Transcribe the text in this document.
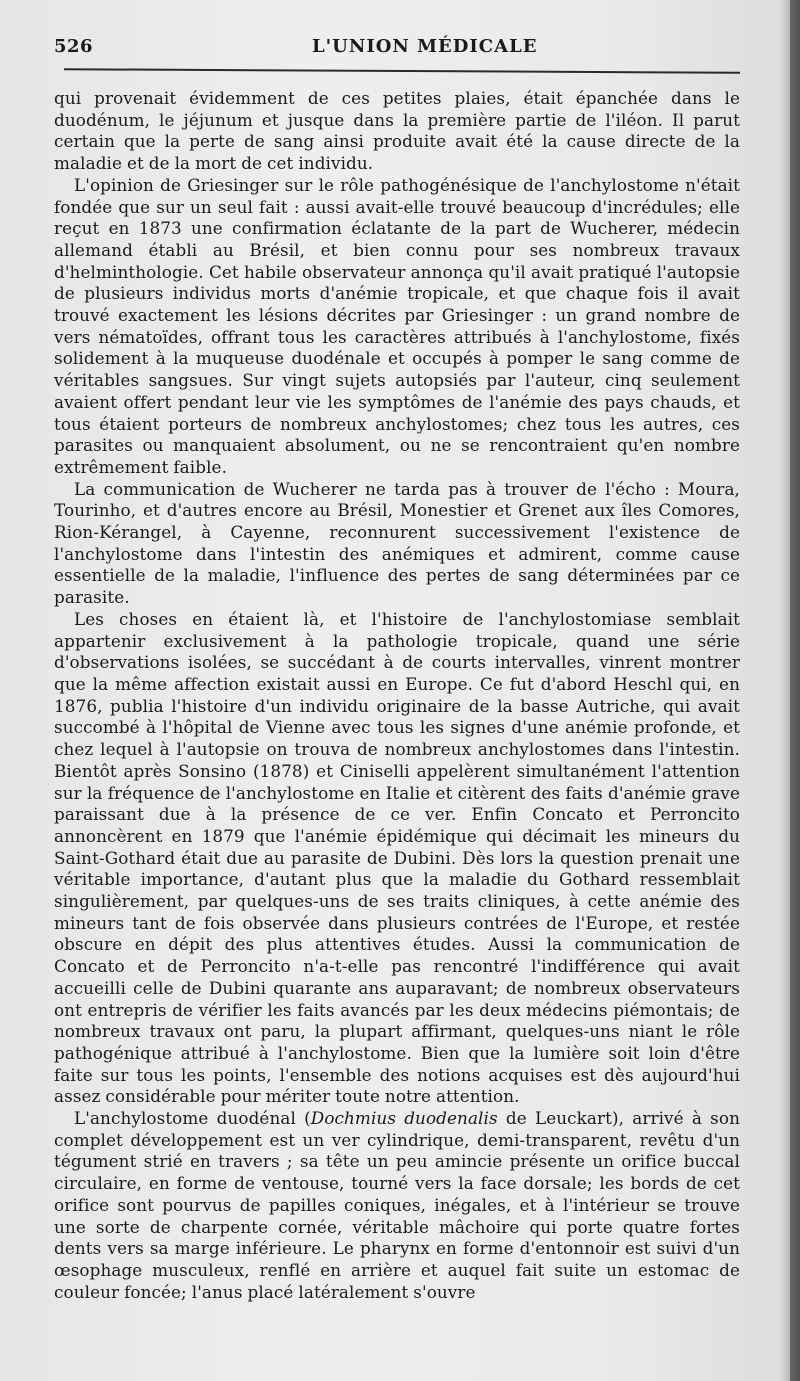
526	L'UNION MÉDICALE

qui provenait évidemment de ces petites plaies, était épanchée dans le duodénum, le jéjunum et jusque dans la première partie de l'iléon. Il parut certain que la perte de sang ainsi produite avait été la cause directe de la maladie et de la mort de cet individu.

L'opinion de Griesinger sur le rôle pathogénésique de l'anchylostome n'était fondée que sur un seul fait : aussi avait-elle trouvé beaucoup d'incrédules; elle reçut en 1873 une confirmation éclatante de la part de Wucherer, médecin allemand établi au Brésil, et bien connu pour ses nombreux travaux d'helminthologie. Cet habile observateur annonça qu'il avait pratiqué l'autopsie de plusieurs individus morts d'anémie tropicale, et que chaque fois il avait trouvé exactement les lésions décrites par Griesinger : un grand nombre de vers nématoïdes, offrant tous les caractères attribués à l'anchylostome, fixés solidement à la muqueuse duodénale et occupés à pomper le sang comme de véritables sangsues. Sur vingt sujets autopsiés par l'auteur, cinq seulement avaient offert pendant leur vie les symptômes de l'anémie des pays chauds, et tous étaient porteurs de nombreux anchylostomes; chez tous les autres, ces parasites ou manquaient absolument, ou ne se rencontraient qu'en nombre extrêmement faible.

La communication de Wucherer ne tarda pas à trouver de l'écho : Moura, Tourinho, et d'autres encore au Brésil, Monestier et Grenet aux îles Comores, Rion-Kérangel, à Cayenne, reconnurent successivement l'existence de l'anchylostome dans l'intestin des anémiques et admirent, comme cause essentielle de la maladie, l'influence des pertes de sang déterminées par ce parasite.

Les choses en étaient là, et l'histoire de l'anchylostomiase semblait appartenir exclusivement à la pathologie tropicale, quand une série d'observations isolées, se succédant à de courts intervalles, vinrent montrer que la même affection existait aussi en Europe. Ce fut d'abord Heschl qui, en 1876, publia l'histoire d'un individu originaire de la basse Autriche, qui avait succombé à l'hôpital de Vienne avec tous les signes d'une anémie profonde, et chez lequel à l'autopsie on trouva de nombreux anchylostomes dans l'intestin. Bientôt après Sonsino (1878) et Ciniselli appelèrent simultanément l'attention sur la fréquence de l'anchylostome en Italie et citèrent des faits d'anémie grave paraissant due à la présence de ce ver. Enfin Concato et Perroncito annoncèrent en 1879 que l'anémie épidémique qui décimait les mineurs du Saint-Gothard était due au parasite de Dubini. Dès lors la question prenait une véritable importance, d'autant plus que la maladie du Gothard ressemblait singulièrement, par quelques-uns de ses traits cliniques, à cette anémie des mineurs tant de fois observée dans plusieurs contrées de l'Europe, et restée obscure en dépit des plus attentives études. Aussi la communication de Concato et de Perroncito n'a-t-elle pas rencontré l'indifférence qui avait accueilli celle de Dubini quarante ans auparavant; de nombreux observateurs ont entrepris de vérifier les faits avancés par les deux médecins piémontais; de nombreux travaux ont paru, la plupart affirmant, quelques-uns niant le rôle pathogénique attribué à l'anchylostome. Bien que la lumière soit loin d'être faite sur tous les points, l'ensemble des notions acquises est dès aujourd'hui assez considérable pour mériter toute notre attention.

L'anchylostome duodénal (Dochmius duodenalis de Leuckart), arrivé à son complet développement est un ver cylindrique, demi-transparent, revêtu d'un tégument strié en travers ; sa tête un peu amincie présente un orifice buccal circulaire, en forme de ventouse, tourné vers la face dorsale; les bords de cet orifice sont pourvus de papilles coniques, inégales, et à l'intérieur se trouve une sorte de charpente cornée, véritable mâchoire qui porte quatre fortes dents vers sa marge inférieure. Le pharynx en forme d'entonnoir est suivi d'un œsophage musculeux, renflé en arrière et auquel fait suite un estomac de couleur foncée; l'anus placé latéralement s'ouvre
